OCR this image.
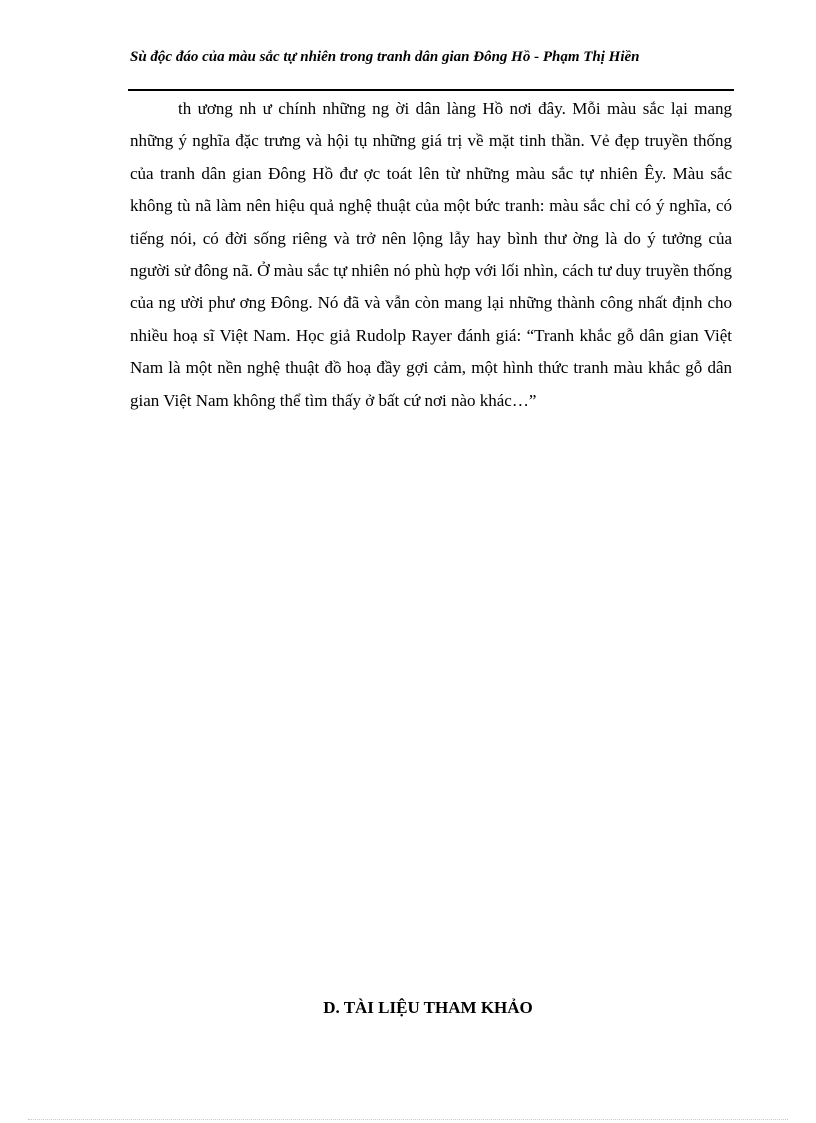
Sù độc đáo của màu sắc tự nhiên trong tranh dân gian Đông Hồ - Phạm Thị Hiền

th ương nh ư chính những ng ời dân làng Hồ nơi đây. Mỗi màu sắc lại mang những ý nghĩa đặc trưng và hội tụ những giá trị về mặt tinh thần. Vẻ đẹp truyền thống của tranh dân gian Đông Hồ đư ợc toát lên từ những màu sắc tự nhiên Êy. Màu sắc không tù nã làm nên hiệu quả nghệ thuật của một bức tranh: màu sắc chỉ có ý nghĩa, có tiếng nói, có đời sống riêng và trở nên lộng lẫy hay bình thư ờng là do ý tưởng của người sử đông nã. Ở màu sắc tự nhiên nó phù hợp với lối nhìn, cách tư duy truyền thống của ng ười phư ơng Đông. Nó đã và vẫn còn mang lại những thành công nhất định cho nhiều hoạ sĩ Việt Nam. Học giả Rudolp Rayer đánh giá: “Tranh khắc gỗ dân gian Việt Nam là một nền nghệ thuật đồ hoạ đầy gợi cảm, một hình thức tranh màu khắc gỗ dân gian Việt Nam không thể tìm thấy ở bất cứ nơi nào khác…”

D. TÀI LIỆU THAM KHẢO
